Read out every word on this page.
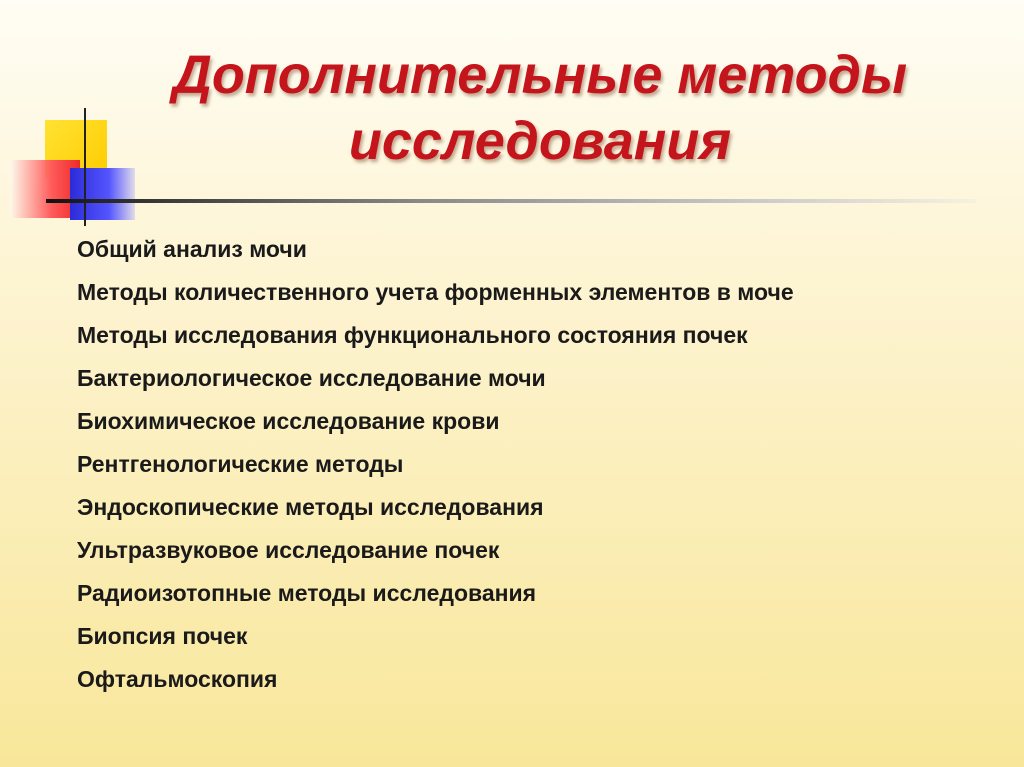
Дополнительные методы
исследования
Общий анализ мочи
Методы количественного учета форменных элементов в моче
Методы исследования функционального состояния почек
Бактериологическое исследование мочи
Биохимическое исследование крови
Рентгенологические методы
Эндоскопические методы исследования
Ультразвуковое исследование почек
Радиоизотопные методы исследования
Биопсия почек
Офтальмоскопия
